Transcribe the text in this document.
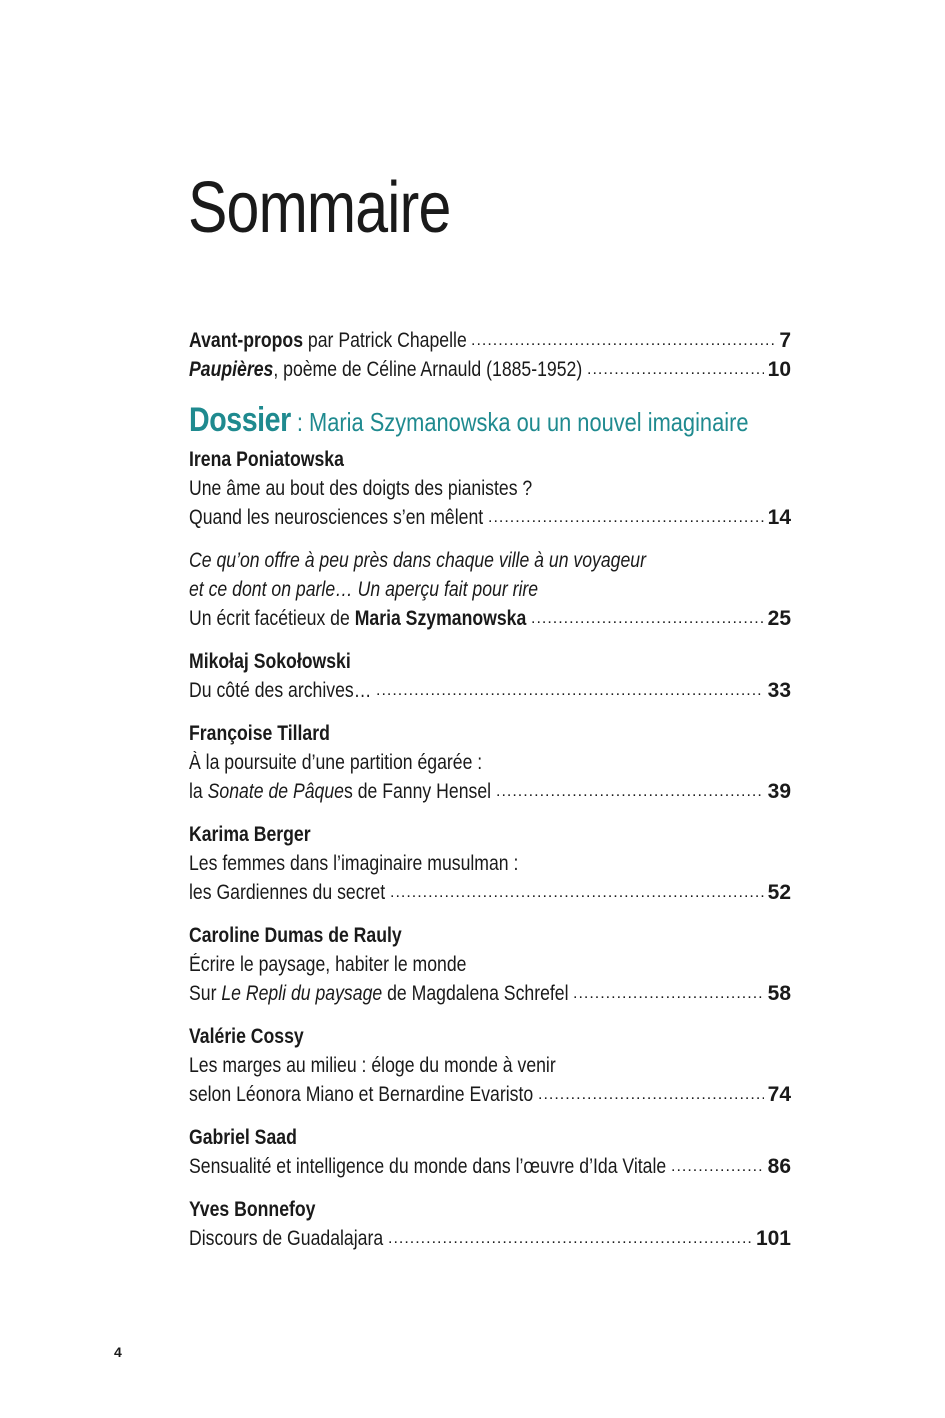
Sommaire
Avant-propos par Patrick Chapelle .....	7
Paupières, poème de Céline Arnauld (1885-1952) .....	10
Dossier : Maria Szymanowska ou un nouvel imaginaire
Irena Poniatowska
Une âme au bout des doigts des pianistes ?
Quand les neurosciences s’en mêlent .....	14
Ce qu’on offre à peu près dans chaque ville à un voyageur
et ce dont on parle… Un aperçu fait pour rire
Un écrit facétieux de Maria Szymanowska .....	25
Mikołaj Sokołowski
Du côté des archives… .....	33
Françoise Tillard
À la poursuite d’une partition égarée :
la Sonate de Pâques de Fanny Hensel .....	39
Karima Berger
Les femmes dans l’imaginaire musulman :
les Gardiennes du secret .....	52
Caroline Dumas de Rauly
Écrire le paysage, habiter le monde
Sur Le Repli du paysage de Magdalena Schrefel .....	58
Valérie Cossy
Les marges au milieu : éloge du monde à venir
selon Léonora Miano et Bernardine Evaristo .....	74
Gabriel Saad
Sensualité et intelligence du monde dans l’œuvre d’Ida Vitale .....	86
Yves Bonnefoy
Discours de Guadalajara .....	101
4
